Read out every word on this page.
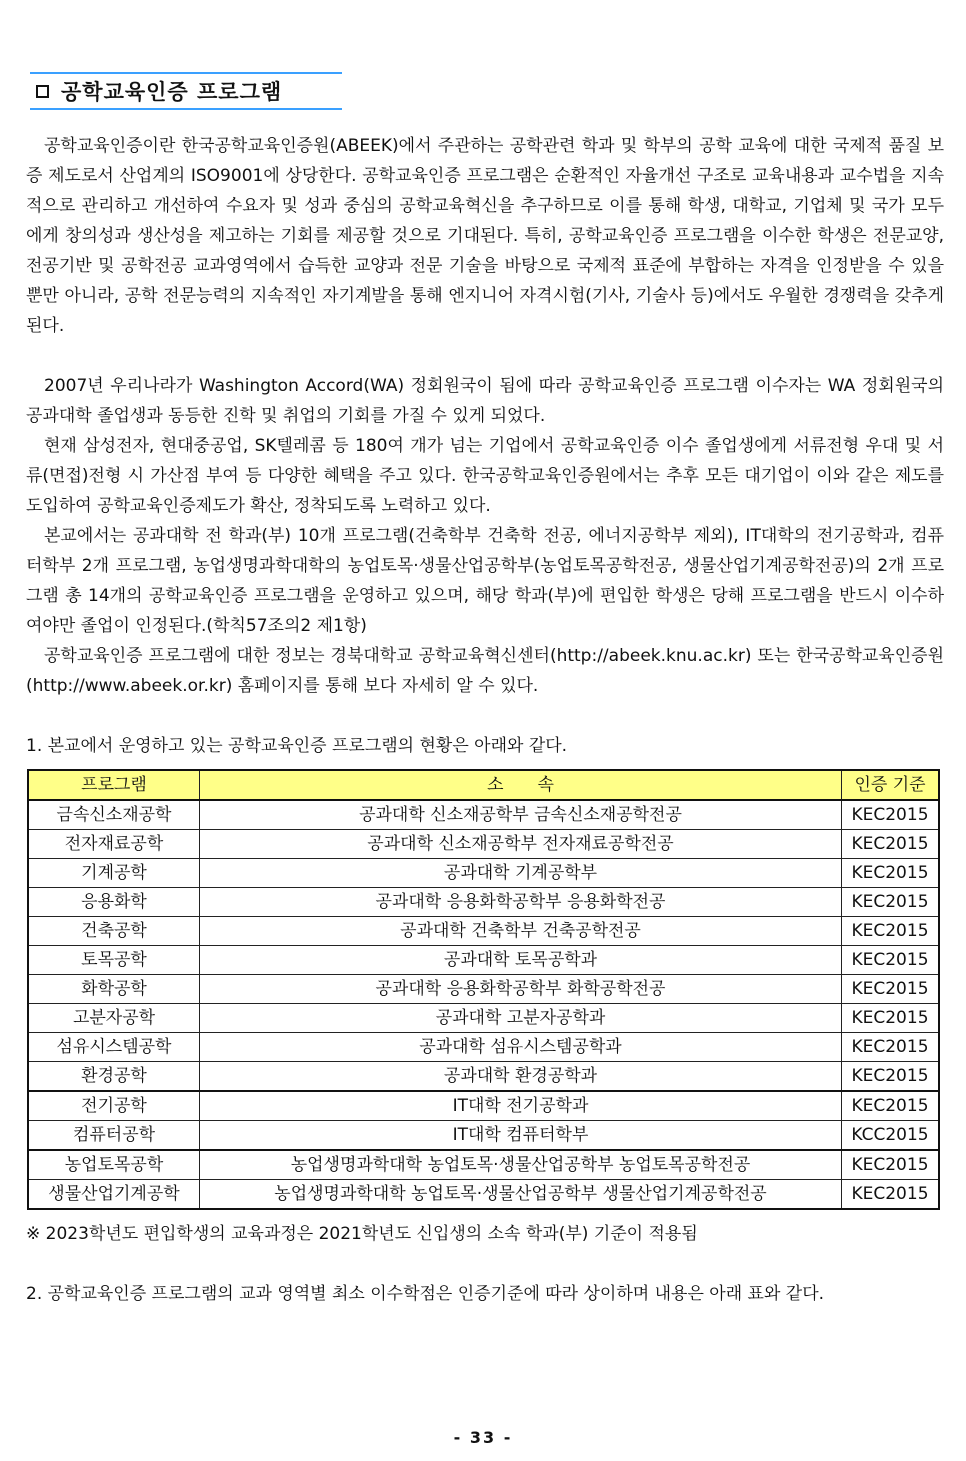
공학교육인증 프로그램

공학교육인증이란 한국공학교육인증원(ABEEK)에서 주관하는 공학관련 학과 및 학부의 공학 교육에 대한 국제적 품질 보증 제도로서 산업계의 ISO9001에 상당한다. 공학교육인증 프로그램은 순환적인 자율개선 구조로 교육내용과 교수법을 지속적으로 관리하고 개선하여 수요자 및 성과 중심의 공학교육혁신을 추구하므로 이를 통해 학생, 대학교, 기업체 및 국가 모두에게 창의성과 생산성을 제고하는 기회를 제공할 것으로 기대된다. 특히, 공학교육인증 프로그램을 이수한 학생은 전문교양, 전공기반 및 공학전공 교과영역에서 습득한 교양과 전문 기술을 바탕으로 국제적 표준에 부합하는 자격을 인정받을 수 있을 뿐만 아니라, 공학 전문능력의 지속적인 자기계발을 통해 엔지니어 자격시험(기사, 기술사 등)에서도 우월한 경쟁력을 갖추게 된다.

2007년 우리나라가 Washington Accord(WA) 정회원국이 됨에 따라 공학교육인증 프로그램 이수자는 WA 정회원국의 공과대학 졸업생과 동등한 진학 및 취업의 기회를 가질 수 있게 되었다.

현재 삼성전자, 현대중공업, SK텔레콤 등 180여 개가 넘는 기업에서 공학교육인증 이수 졸업생에게 서류전형 우대 및 서류(면접)전형 시 가산점 부여 등 다양한 혜택을 주고 있다. 한국공학교육인증원에서는 추후 모든 대기업이 이와 같은 제도를 도입하여 공학교육인증제도가 확산, 정착되도록 노력하고 있다.

본교에서는 공과대학 전 학과(부) 10개 프로그램(건축학부 건축학 전공, 에너지공학부 제외), IT대학의 전기공학과, 컴퓨터학부 2개 프로그램, 농업생명과학대학의 농업토목·생물산업공학부(농업토목공학전공, 생물산업기계공학전공)의 2개 프로그램 총 14개의 공학교육인증 프로그램을 운영하고 있으며, 해당 학과(부)에 편입한 학생은 당해 프로그램을 반드시 이수하여야만 졸업이 인정된다.(학칙57조의2 제1항)

공학교육인증 프로그램에 대한 정보는 경북대학교 공학교육혁신센터(http://abeek.knu.ac.kr) 또는 한국공학교육인증원(http://www.abeek.or.kr) 홈페이지를 통해 보다 자세히 알 수 있다.

1. 본교에서 운영하고 있는 공학교육인증 프로그램의 현황은 아래와 같다.
프로그램	소　　속	인증 기준
금속신소재공학	공과대학 신소재공학부 금속신소재공학전공	KEC2015
전자재료공학	공과대학 신소재공학부 전자재료공학전공	KEC2015
기계공학	공과대학 기계공학부	KEC2015
응용화학	공과대학 응용화학공학부 응용화학전공	KEC2015
건축공학	공과대학 건축학부 건축공학전공	KEC2015
토목공학	공과대학 토목공학과	KEC2015
화학공학	공과대학 응용화학공학부 화학공학전공	KEC2015
고분자공학	공과대학 고분자공학과	KEC2015
섬유시스템공학	공과대학 섬유시스템공학과	KEC2015
환경공학	공과대학 환경공학과	KEC2015
전기공학	IT대학 전기공학과	KEC2015
컴퓨터공학	IT대학 컴퓨터학부	KCC2015
농업토목공학	농업생명과학대학 농업토목·생물산업공학부 농업토목공학전공	KEC2015
생물산업기계공학	농업생명과학대학 농업토목·생물산업공학부 생물산업기계공학전공	KEC2015
※ 2023학년도 편입학생의 교육과정은 2021학년도 신입생의 소속 학과(부) 기준이 적용됨
2. 공학교육인증 프로그램의 교과 영역별 최소 이수학점은 인증기준에 따라 상이하며 내용은 아래 표와 같다.
- 33 -
